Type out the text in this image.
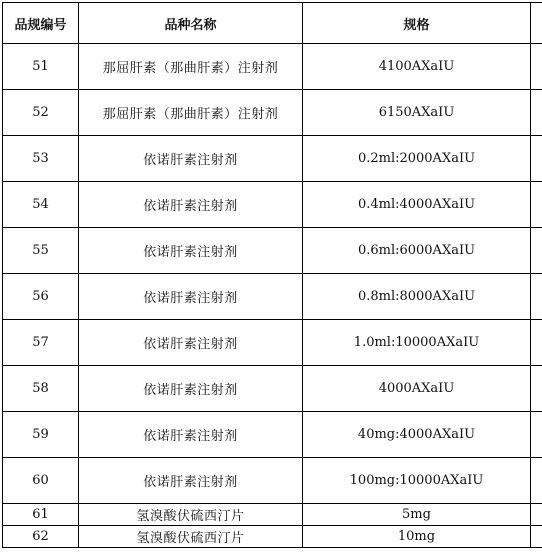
品规编号	品种名称	规格	
51	那屈肝素（那曲肝素）注射剂	4100AXaIU	
52	那屈肝素（那曲肝素）注射剂	6150AXaIU	
53	依诺肝素注射剂	0.2ml:2000AXaIU	
54	依诺肝素注射剂	0.4ml:4000AXaIU	
55	依诺肝素注射剂	0.6ml:6000AXaIU	
56	依诺肝素注射剂	0.8ml:8000AXaIU	
57	依诺肝素注射剂	1.0ml:10000AXaIU	
58	依诺肝素注射剂	4000AXaIU	
59	依诺肝素注射剂	40mg:4000AXaIU	
60	依诺肝素注射剂	100mg:10000AXaIU	
61	氢溴酸伏硫西汀片	5mg	
62	氢溴酸伏硫西汀片	10mg	
